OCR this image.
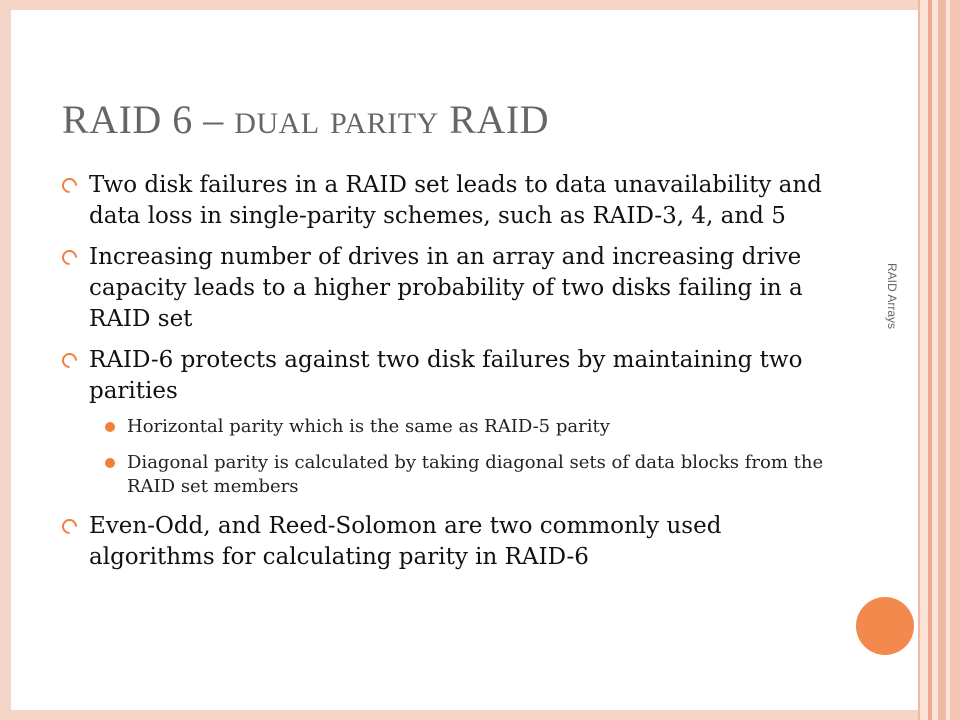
RAID Arrays
RAID 6 – DUAL PARITY RAID
Two disk failures in a RAID set leads to data unavailability and data loss in single-parity schemes, such as RAID-3, 4, and 5
Increasing number of drives in an array and increasing drive capacity leads to a higher probability of two disks failing in a RAID set
RAID-6 protects against two disk failures by maintaining two parities
Horizontal parity which is the same as RAID-5 parity
Diagonal parity is calculated by taking diagonal sets of data blocks from the RAID set members
Even-Odd, and Reed-Solomon are two commonly used algorithms for calculating parity in RAID-6
